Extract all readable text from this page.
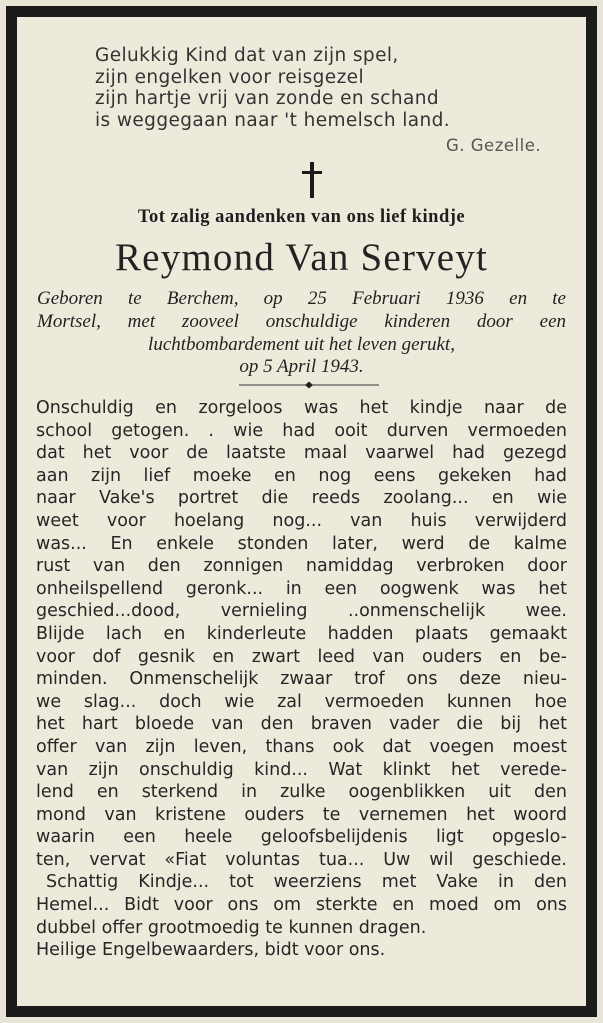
Gelukkig Kind dat van zijn spel,
zijn engelken voor reisgezel
zijn hartje vrij van zonde en schand
is weggegaan naar 't hemelsch land.
G. Gezelle.
Tot zalig aandenken van ons lief kindje
Reymond Van Serveyt
Geboren te Berchem, op 25 Februari 1936 en te
Mortsel, met zooveel onschuldige kinderen door een
luchtbombardement uit het leven gerukt,
op 5 April 1943.
Onschuldig en zorgeloos was het kindje naar de
school getogen. . wie had ooit durven vermoeden
dat het voor de laatste maal vaarwel had gezegd
aan zijn lief moeke en nog eens gekeken had
naar Vake's portret die reeds zoolang... en wie
weet voor hoelang nog... van huis verwijderd
was... En enkele stonden later, werd de kalme
rust van den zonnigen namiddag verbroken door
onheilspellend geronk... in een oogwenk was het
geschied...dood, vernieling ..onmenschelijk wee.
Blijde lach en kinderleute hadden plaats gemaakt
voor dof gesnik en zwart leed van ouders en be-
minden. Onmenschelijk zwaar trof ons deze nieu-
we slag... doch wie zal vermoeden kunnen hoe
het hart bloede van den braven vader die bij het
offer van zijn leven, thans ook dat voegen moest
van zijn onschuldig kind... Wat klinkt het verede-
lend en sterkend in zulke oogenblikken uit den
mond van kristene ouders te vernemen het woord
waarin een heele geloofsbelijdenis ligt opgeslo-
ten, vervat «Fiat voluntas tua... Uw wil geschiede.
Schattig Kindje... tot weerziens met Vake in den
Hemel... Bidt voor ons om sterkte en moed om ons
dubbel offer grootmoedig te kunnen dragen.
Heilige Engelbewaarders, bidt voor ons.
